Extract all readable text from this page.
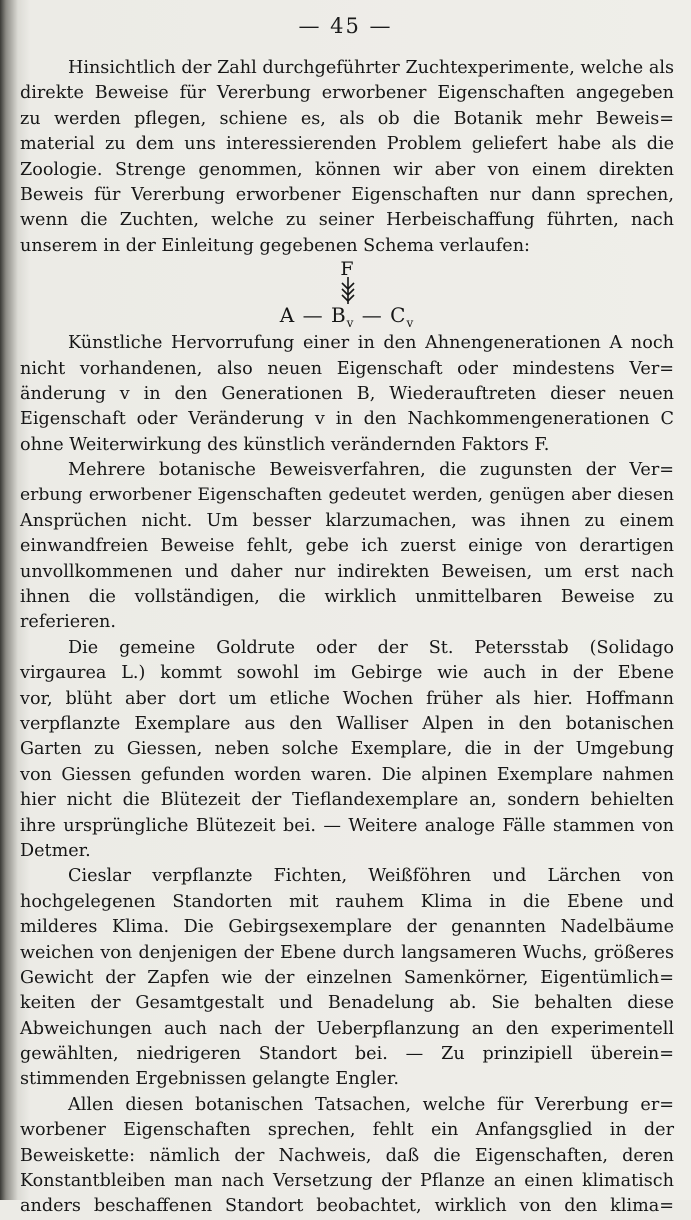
— 45 —
Hinsichtlich der Zahl durchgeführter Zuchtexperimente, welche als
direkte Beweise für Vererbung erworbener Eigenschaften angegeben
zu werden pflegen, schiene es, als ob die Botanik mehr Beweis=
material zu dem uns interessierenden Problem geliefert habe als die
Zoologie. Strenge genommen, können wir aber von einem direkten
Beweis für Vererbung erworbener Eigenschaften nur dann sprechen,
wenn die Zuchten, welche zu seiner Herbeischaffung führten, nach
unserem in der Einleitung gegebenen Schema verlaufen:
F
A — $B_v$ — $C_v$
Künstliche Hervorrufung einer in den Ahnengenerationen A noch
nicht vorhandenen, also neuen Eigenschaft oder mindestens Ver=
änderung v in den Generationen B, Wiederauftreten dieser neuen
Eigenschaft oder Veränderung v in den Nachkommengenerationen C
ohne Weiterwirkung des künstlich verändernden Faktors F.
Mehrere botanische Beweisverfahren, die zugunsten der Ver=
erbung erworbener Eigenschaften gedeutet werden, genügen aber diesen
Ansprüchen nicht. Um besser klarzumachen, was ihnen zu einem
einwandfreien Beweise fehlt, gebe ich zuerst einige von derartigen
unvollkommenen und daher nur indirekten Beweisen, um erst nach
ihnen die vollständigen, die wirklich unmittelbaren Beweise zu
referieren.
Die gemeine Goldrute oder der St. Petersstab (Solidago
virgaurea L.) kommt sowohl im Gebirge wie auch in der Ebene
vor, blüht aber dort um etliche Wochen früher als hier. Hoffmann
verpflanzte Exemplare aus den Walliser Alpen in den botanischen
Garten zu Giessen, neben solche Exemplare, die in der Umgebung
von Giessen gefunden worden waren. Die alpinen Exemplare nahmen
hier nicht die Blütezeit der Tieflandexemplare an, sondern behielten
ihre ursprüngliche Blütezeit bei. — Weitere analoge Fälle stammen von
Detmer.
Cieslar verpflanzte Fichten, Weißföhren und Lärchen von
hochgelegenen Standorten mit rauhem Klima in die Ebene und
milderes Klima. Die Gebirgsexemplare der genannten Nadelbäume
weichen von denjenigen der Ebene durch langsameren Wuchs, größeres
Gewicht der Zapfen wie der einzelnen Samenkörner, Eigentümlich=
keiten der Gesamtgestalt und Benadelung ab. Sie behalten diese
Abweichungen auch nach der Ueberpflanzung an den experimentell
gewählten, niedrigeren Standort bei. — Zu prinzipiell überein=
stimmenden Ergebnissen gelangte Engler.
Allen diesen botanischen Tatsachen, welche für Vererbung er=
worbener Eigenschaften sprechen, fehlt ein Anfangsglied in der
Beweiskette: nämlich der Nachweis, daß die Eigenschaften, deren
Konstantbleiben man nach Versetzung der Pflanze an einen klimatisch
anders beschaffenen Standort beobachtet, wirklich von den klima=
